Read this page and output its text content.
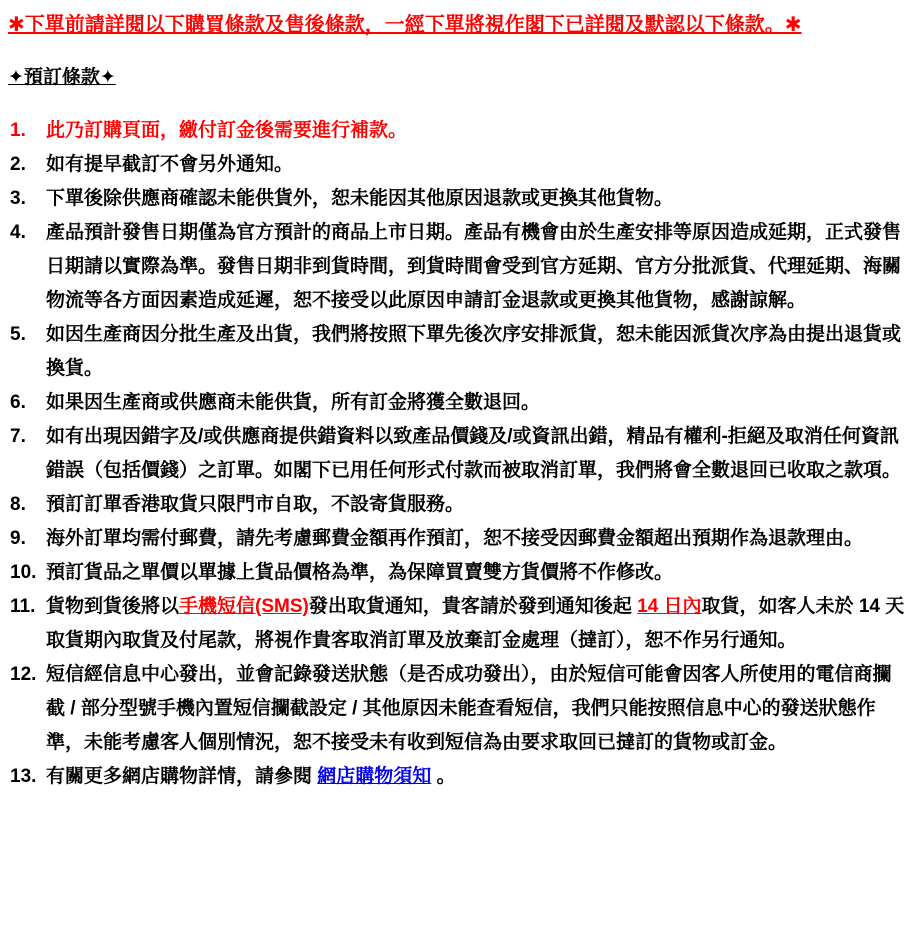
✱下單前請詳閱以下購買條款及售後條款，一經下單將視作閣下已詳閱及默認以下條款。✱
✦預訂條款✦
1. 此乃訂購頁面，繳付訂金後需要進行補款。
2. 如有提早截訂不會另外通知。
3. 下單後除供應商確認未能供貨外，恕未能因其他原因退款或更換其他貨物。
4. 產品預計發售日期僅為官方預計的商品上市日期。產品有機會由於生產安排等原因造成延期，正式發售日期請以實際為準。發售日期非到貨時間，到貨時間會受到官方延期、官方分批派貨、代理延期、海關物流等各方面因素造成延遲，恕不接受以此原因申請訂金退款或更換其他貨物，感謝諒解。
5. 如因生產商因分批生產及出貨，我們將按照下單先後次序安排派貨，恕未能因派貨次序為由提出退貨或換貨。
6. 如果因生產商或供應商未能供貨，所有訂金將獲全數退回。
7. 如有出現因錯字及/或供應商提供錯資料以致產品價錢及/或資訊出錯，精品有權利-拒絕及取消任何資訊錯誤（包括價錢）之訂單。如閣下已用任何形式付款而被取消訂單，我們將會全數退回已收取之款項。
8. 預訂訂單香港取貨只限門市自取，不設寄貨服務。
9. 海外訂單均需付郵費，請先考慮郵費金額再作預訂，恕不接受因郵費金額超出預期作為退款理由。
10. 預訂貨品之單價以單據上貨品價格為準，為保障買賣雙方貨價將不作修改。
11. 貨物到貨後將以手機短信(SMS)發出取貨通知，貴客請於發到通知後起 14 日內取貨，如客人未於 14 天取貨期內取貨及付尾款，將視作貴客取消訂單及放棄訂金處理（撻訂），恕不作另行通知。
12. 短信經信息中心發出，並會記錄發送狀態（是否成功發出），由於短信可能會因客人所使用的電信商攔截 / 部分型號手機內置短信攔截設定 / 其他原因未能查看短信，我們只能按照信息中心的發送狀態作準，未能考慮客人個別情況，恕不接受未有收到短信為由要求取回已撻訂的貨物或訂金。
13. 有關更多網店購物詳情，請參閱 網店購物須知 。
